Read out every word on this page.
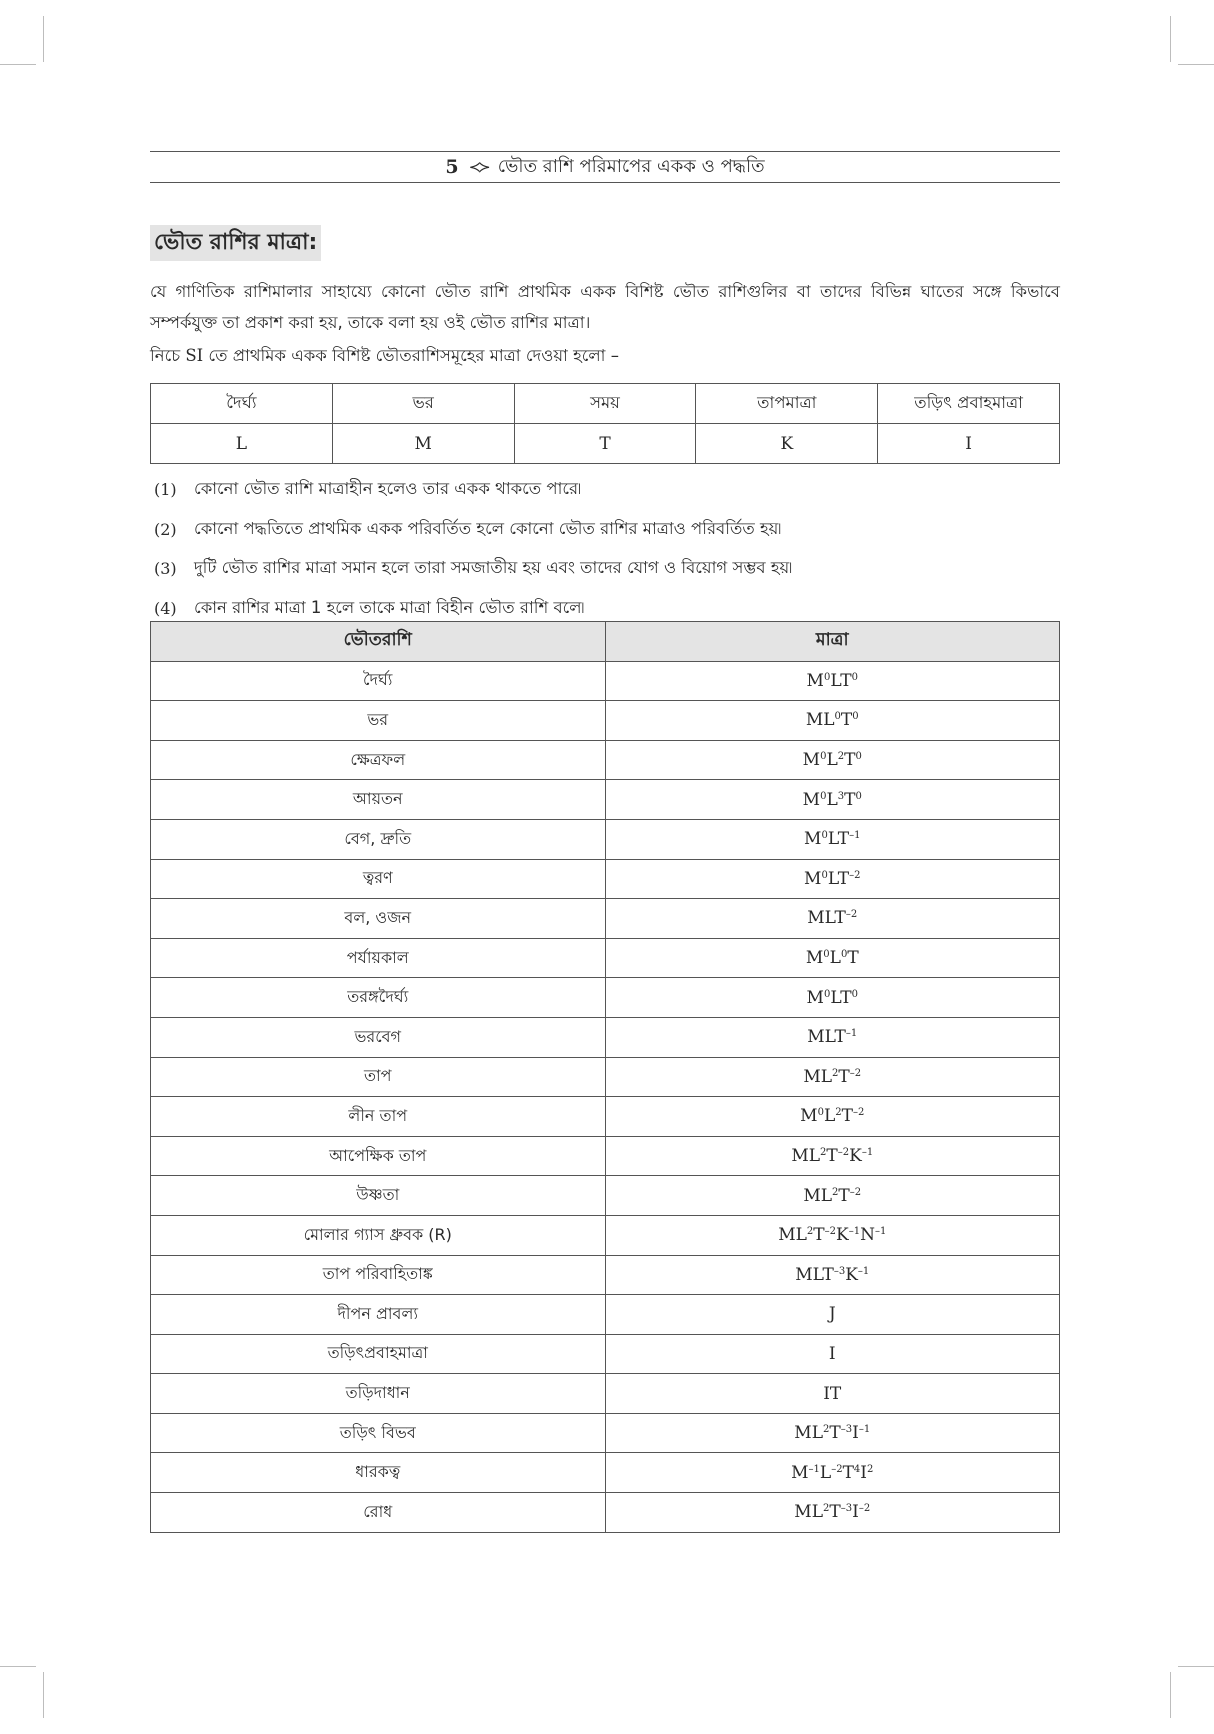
5 ≺≻ ভৌত রাশি পরিমাপের একক ও পদ্ধতি
ভৌত রাশির মাত্রা:
যে গাণিতিক রাশিমালার সাহায্যে কোনো ভৌত রাশি প্রাথমিক একক বিশিষ্ট ভৌত রাশিগুলির বা তাদের বিভিন্ন ঘাতের সঙ্গে কিভাবে সম্পর্কযুক্ত তা প্রকাশ করা হয়, তাকে বলা হয় ওই ভৌত রাশির মাত্রা।
নিচে SI তে প্রাথমিক একক বিশিষ্ট ভৌতরাশিসমূহের মাত্রা দেওয়া হলো –
দৈর্ঘ্য	ভর	সময়	তাপমাত্রা	তড়িৎ প্রবাহমাত্রা
L	M	T	K	I
(1)	কোনো ভৌত রাশি মাত্রাহীন হলেও তার একক থাকতে পারে৷
(2)	কোনো পদ্ধতিতে প্রাথমিক একক পরিবর্তিত হলে কোনো ভৌত রাশির মাত্রাও পরিবর্তিত হয়৷
(3)	দুটি ভৌত রাশির মাত্রা সমান হলে তারা সমজাতীয় হয় এবং তাদের যোগ ও বিয়োগ সম্ভব হয়৷
(4)	কোন রাশির মাত্রা 1 হলে তাকে মাত্রা বিহীন ভৌত রাশি বলে৷
ভৌতরাশি	মাত্রা
দৈর্ঘ্য	$M^0LT^0$
ভর	$ML^0T^0$
ক্ষেত্রফল	$M^0L^2T^0$
আয়তন	$M^0L^3T^0$
বেগ, দ্রুতি	$M^0LT^{-1}$
ত্বরণ	$M^0LT^{-2}$
বল, ওজন	$MLT^{-2}$
পর্যায়কাল	$M^0L^0T$
তরঙ্গদৈর্ঘ্য	$M^0LT^0$
ভরবেগ	$MLT^{-1}$
তাপ	$ML^2T^{-2}$
লীন তাপ	$M^0L^2T^{-2}$
আপেক্ষিক তাপ	$ML^2T^{-2}K^{-1}$
উষ্ণতা	$ML^2T^{-2}$
মোলার গ্যাস ধ্রুবক (R)	$ML^2T^{-2}K^{-1}N^{-1}$
তাপ পরিবাহিতাঙ্ক	$MLT^{-3}K^{-1}$
দীপন প্রাবল্য	J
তড়িৎপ্রবাহমাত্রা	I
তড়িদাধান	IT
তড়িৎ বিভব	$ML^2T^{-3}I^{-1}$
ধারকত্ব	$M^{-1}L^{-2}T^4I^2$
রোধ	$ML^2T^{-3}I^{-2}$
